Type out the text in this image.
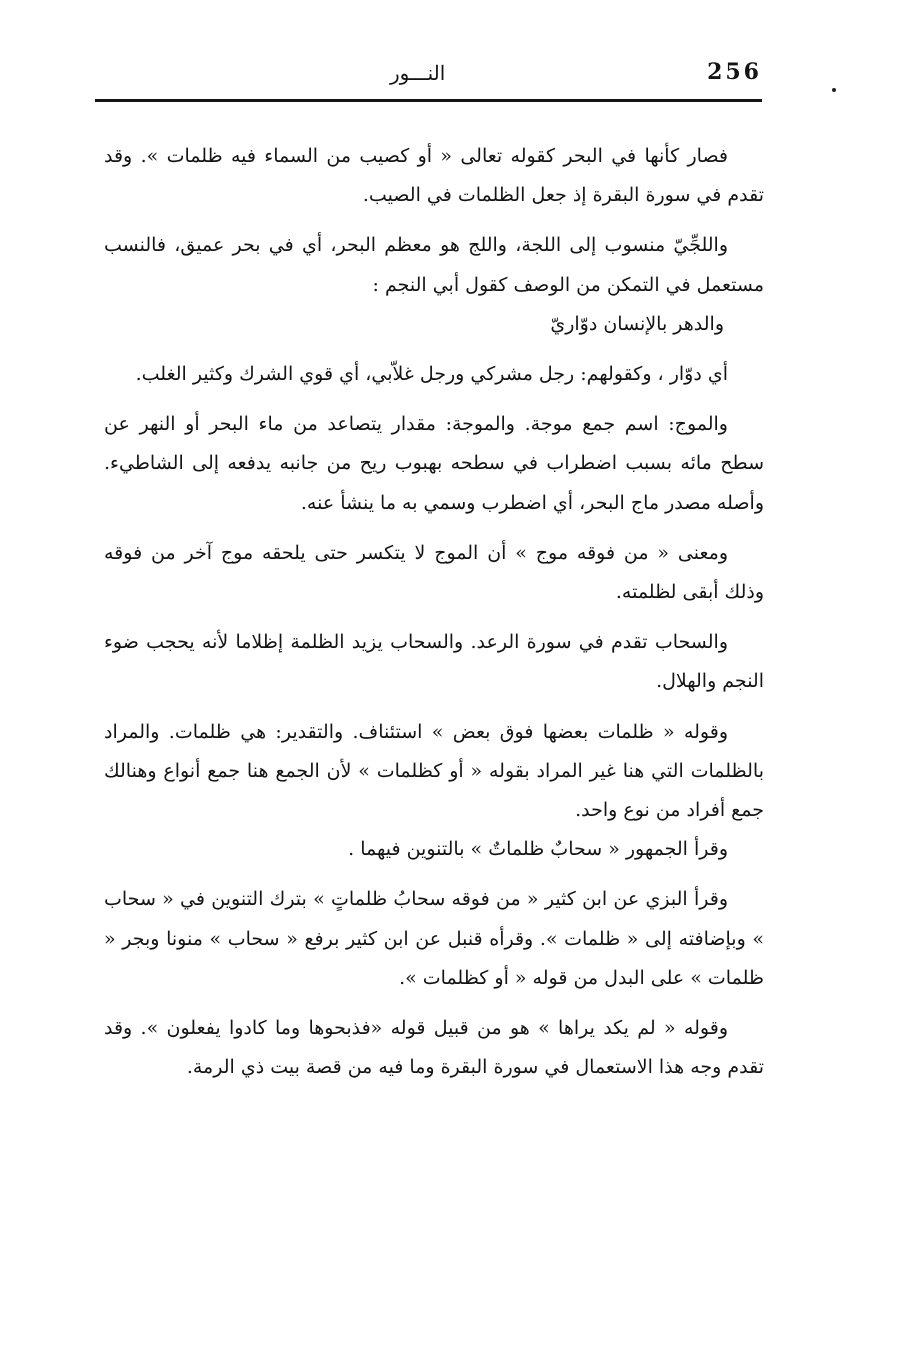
256
النـــور

فصار كأنها في البحر كقوله تعالى « أو كصيب من السماء فيه ظلمات ». وقد تقدم في سورة البقرة إذ جعل الظلمات في الصيب.

واللجِّيّ منسوب إلى اللجة، واللج هو معظم البحر، أي في بحر عميق، فالنسب مستعمل في التمكن من الوصف كقول أبي النجم :

والدهر بالإنسان دوّاريّ

أي دوّار ، وكقولهم: رجل مشركي ورجل غلاّبي، أي قوي الشرك وكثير الغلب.

والموج: اسم جمع موجة. والموجة: مقدار يتصاعد من ماء البحر أو النهر عن سطح مائه بسبب اضطراب في سطحه بهبوب ريح من جانبه يدفعه إلى الشاطيء. وأصله مصدر ماج البحر، أي اضطرب وسمي به ما ينشأ عنه.

ومعنى « من فوقه موج » أن الموج لا يتكسر حتى يلحقه موج آخر من فوقه وذلك أبقى لظلمته.

والسحاب تقدم في سورة الرعد. والسحاب يزيد الظلمة إظلاما لأنه يحجب ضوء النجم والهلال.

وقوله « ظلمات بعضها فوق بعض » استئناف. والتقدير: هي ظلمات. والمراد بالظلمات التي هنا غير المراد بقوله « أو كظلمات » لأن الجمع هنا جمع أنواع وهنالك جمع أفراد من نوع واحد.

وقرأ الجمهور « سحابٌ ظلماتٌ » بالتنوين فيهما .

وقرأ البزي عن ابن كثير « من فوقه سحابُ ظلماتٍ » بترك التنوين في « سحاب » وبإضافته إلى « ظلمات ». وقرأه قنبل عن ابن كثير برفع « سحاب » منونا وبجر « ظلمات » على البدل من قوله « أو كظلمات ».

وقوله « لم يكد يراها » هو من قبيل قوله «فذبحوها وما كادوا يفعلون ». وقد تقدم وجه هذا الاستعمال في سورة البقرة وما فيه من قصة بيت ذي الرمة.
